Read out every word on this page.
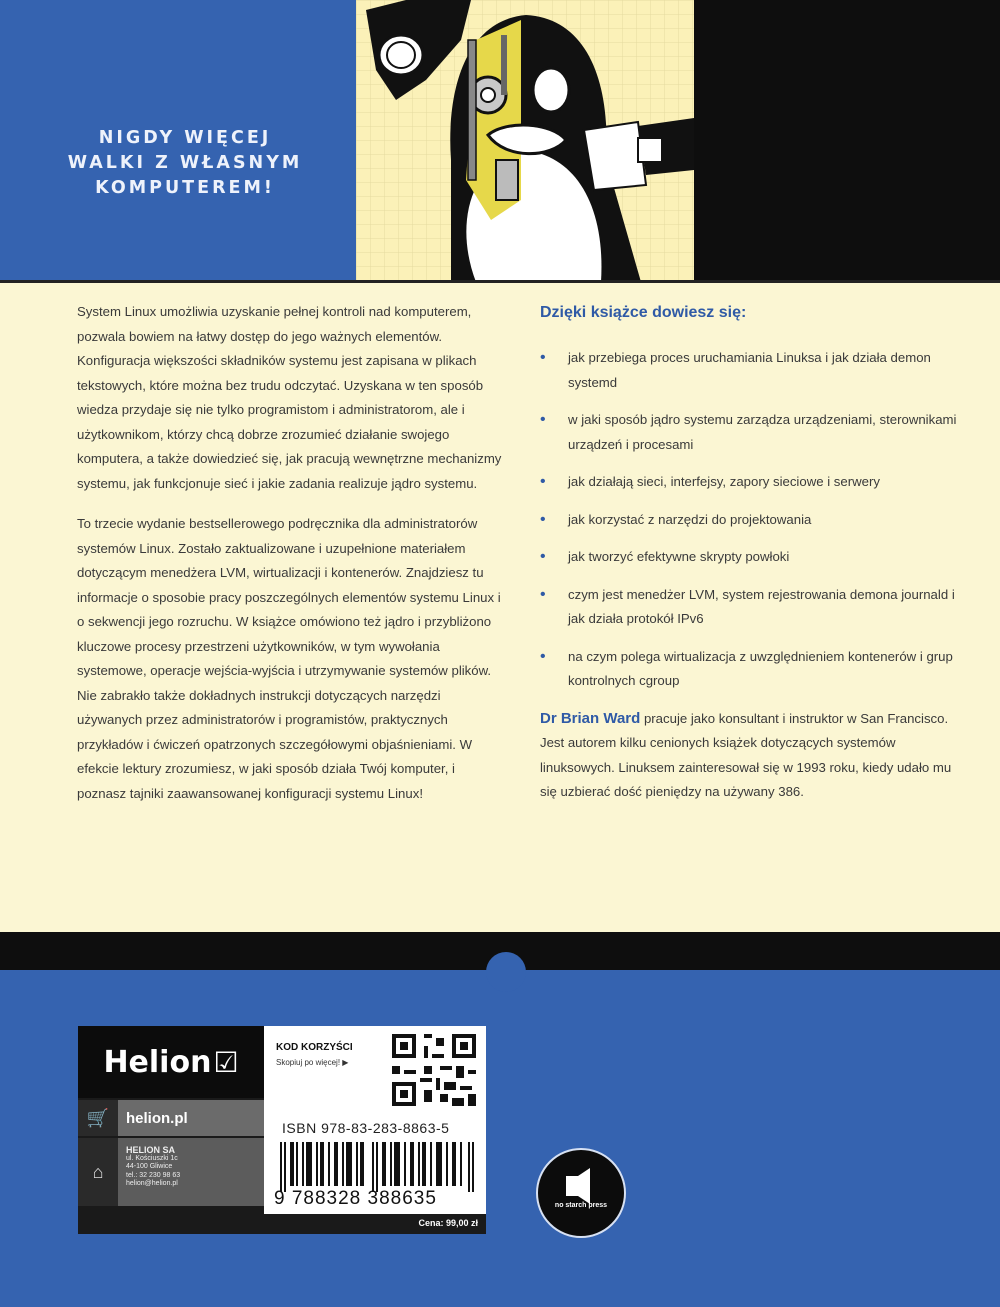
NIGDY WIĘCEJ
WALKI Z WŁASNYM
KOMPUTEREM!

System Linux umożliwia uzyskanie pełnej kontroli nad komputerem, pozwala bowiem na łatwy dostęp do jego ważnych elementów. Konfiguracja większości składników systemu jest zapisana w plikach tekstowych, które można bez trudu odczytać. Uzyskana w ten sposób wiedza przydaje się nie tylko programistom i administratorom, ale i użytkownikom, którzy chcą dobrze zrozumieć działanie swojego komputera, a także dowiedzieć się, jak pracują wewnętrzne mechanizmy systemu, jak funkcjonuje sieć i jakie zadania realizuje jądro systemu.

To trzecie wydanie bestsellerowego podręcznika dla administratorów systemów Linux. Zostało zaktualizowane i uzupełnione materiałem dotyczącym menedżera LVM, wirtualizacji i kontenerów. Znajdziesz tu informacje o sposobie pracy poszczególnych elementów systemu Linux i o sekwencji jego rozruchu. W książce omówiono też jądro i przybliżono kluczowe procesy przestrzeni użytkowników, w tym wywołania systemowe, operacje wejścia-wyjścia i utrzymywanie systemów plików. Nie zabrakło także dokładnych instrukcji dotyczących narzędzi używanych przez administratorów i programistów, praktycznych przykładów i ćwiczeń opatrzonych szczegółowymi objaśnieniami. W efekcie lektury zrozumiesz, w jaki sposób działa Twój komputer, i poznasz tajniki zaawansowanej konfiguracji systemu Linux!

Dzięki książce dowiesz się:
• jak przebiega proces uruchamiania Linuksa i jak działa demon systemd
• w jaki sposób jądro systemu zarządza urządzeniami, sterownikami urządzeń i procesami
• jak działają sieci, interfejsy, zapory sieciowe i serwery
• jak korzystać z narzędzi do projektowania
• jak tworzyć efektywne skrypty powłoki
• czym jest menedżer LVM, system rejestrowania demona journald i jak działa protokół IPv6
• na czym polega wirtualizacja z uwzględnieniem kontenerów i grup kontrolnych cgroup
Dr Brian Ward pracuje jako konsultant i instruktor w San Francisco. Jest autorem kilku cenionych książek dotyczących systemów linuksowych. Linuksem zainteresował się w 1993 roku, kiedy udało mu się uzbierać dość pieniędzy na używany 386.
Helion ☑
🛒	helion.pl
⌂
HELION SA
ul. Kościuszki 1c
44-100 Gliwice
tel.: 32 230 98 63
helion@helion.pl
KOD KORZYŚCI
Skopiuj po więcej! ▶
ISBN 978-83-283-8863-5
9 788328 388635
Cena: 99,00 zł
no starch press
